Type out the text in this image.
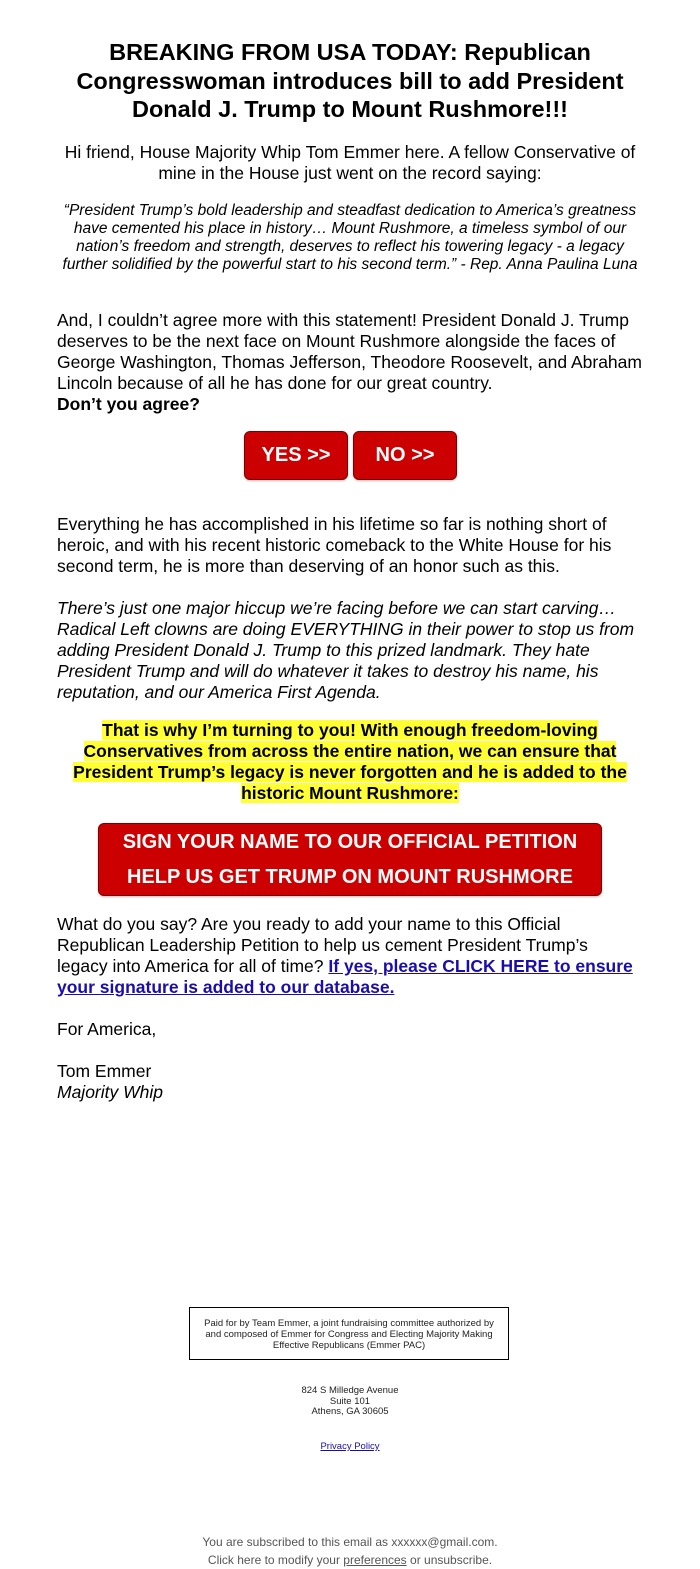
BREAKING FROM USA TODAY: Republican Congresswoman introduces bill to add President Donald J. Trump to Mount Rushmore!!!

Hi friend, House Majority Whip Tom Emmer here. A fellow Conservative of mine in the House just went on the record saying:

“President Trump’s bold leadership and steadfast dedication to America’s greatness have cemented his place in history… Mount Rushmore, a timeless symbol of our nation’s freedom and strength, deserves to reflect his towering legacy - a legacy further solidified by the powerful start to his second term.” - Rep. Anna Paulina Luna

And, I couldn’t agree more with this statement! President Donald J. Trump deserves to be the next face on Mount Rushmore alongside the faces of George Washington, Thomas Jefferson, Theodore Roosevelt, and Abraham Lincoln because of all he has done for our great country.
Don’t you agree?

YES >>	NO >>

Everything he has accomplished in his lifetime so far is nothing short of heroic, and with his recent historic comeback to the White House for his second term, he is more than deserving of an honor such as this.

There’s just one major hiccup we’re facing before we can start carving… Radical Left clowns are doing EVERYTHING in their power to stop us from adding President Donald J. Trump to this prized landmark. They hate President Trump and will do whatever it takes to destroy his name, his reputation, and our America First Agenda.

That is why I’m turning to you! With enough freedom-loving Conservatives from across the entire nation, we can ensure that President Trump’s legacy is never forgotten and he is added to the historic Mount Rushmore:

SIGN YOUR NAME TO OUR OFFICIAL PETITION
HELP US GET TRUMP ON MOUNT RUSHMORE

What do you say? Are you ready to add your name to this Official Republican Leadership Petition to help us cement President Trump’s legacy into America for all of time? If yes, please CLICK HERE to ensure your signature is added to our database.

For America,

Tom Emmer
Majority Whip

Paid for by Team Emmer, a joint fundraising committee authorized by and composed of Emmer for Congress and Electing Majority Making Effective Republicans (Emmer PAC)
824 S Milledge Avenue
Suite 101
Athens, GA 30605
Privacy Policy
You are subscribed to this email as xxxxxx@gmail.com.
Click here to modify your preferences or unsubscribe.
